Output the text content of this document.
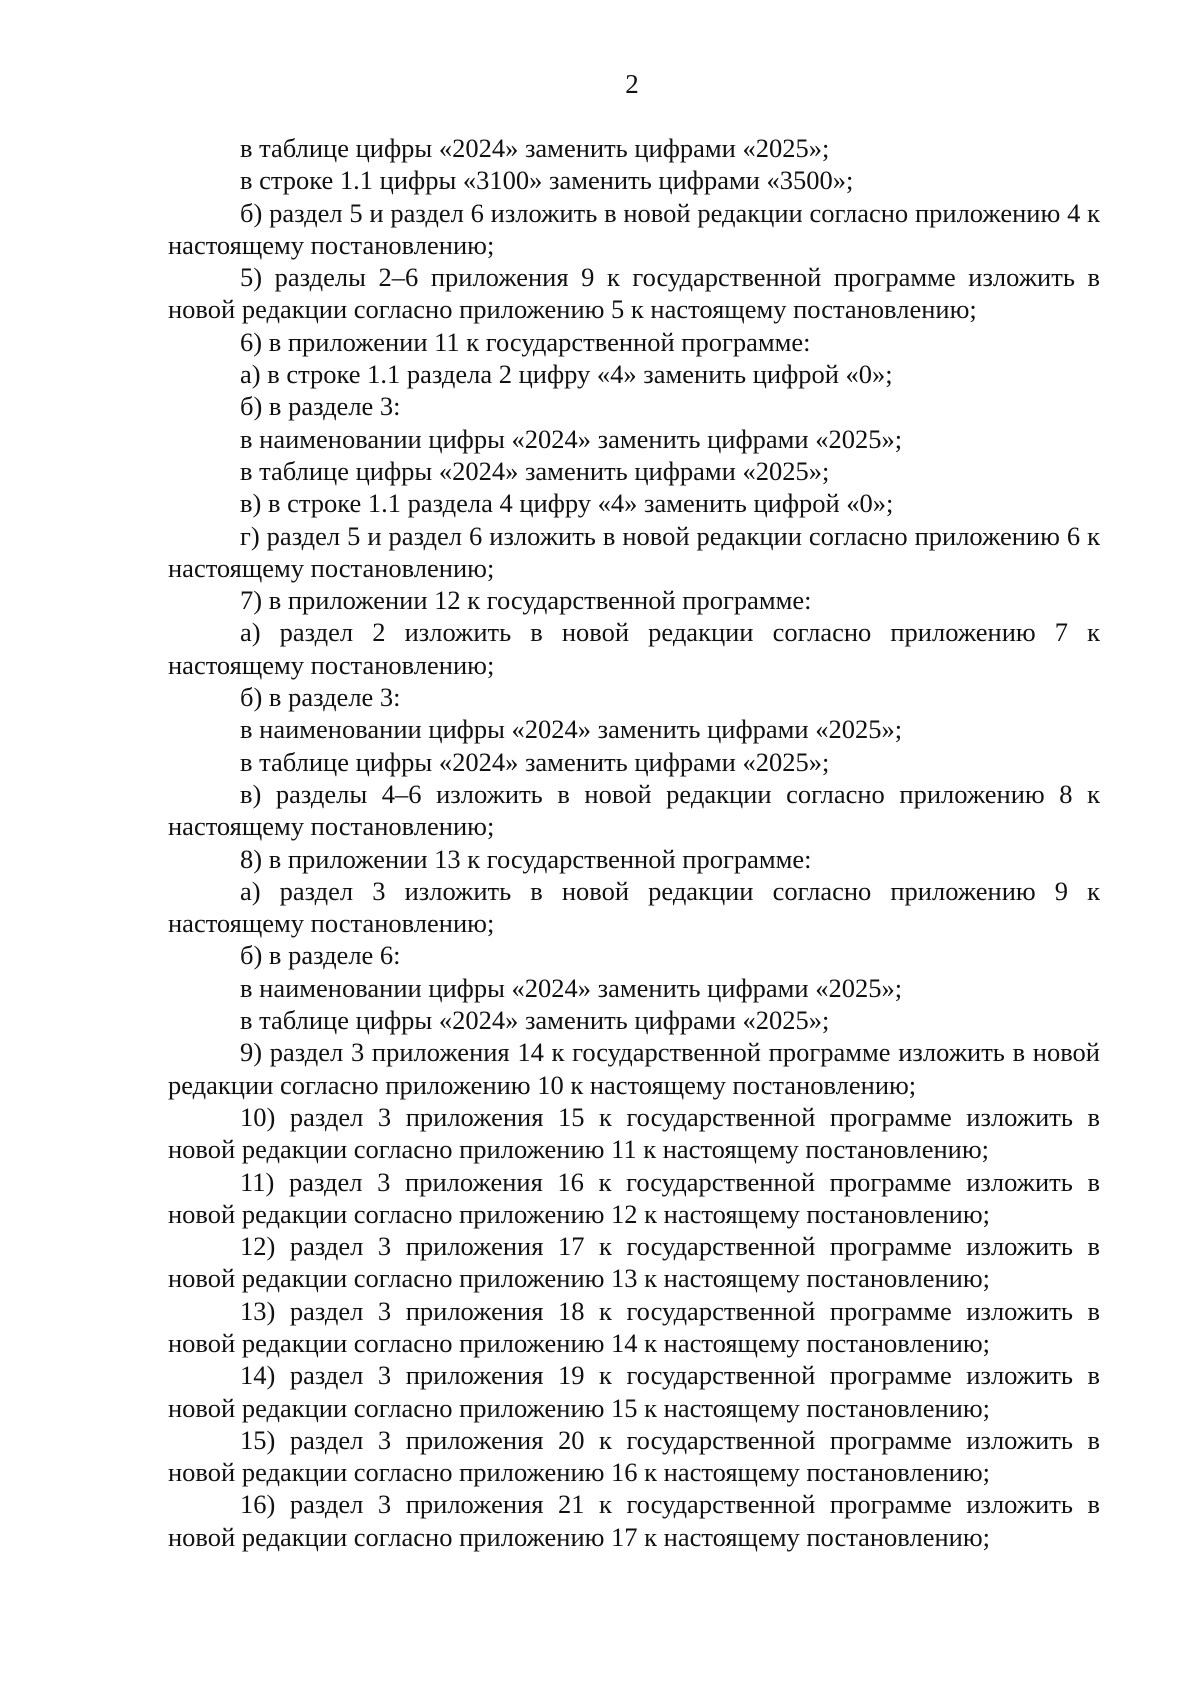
2

в таблице цифры «2024» заменить цифрами «2025»;

в строке 1.1 цифры «3100» заменить цифрами «3500»;

б) раздел 5 и раздел 6 изложить в новой редакции согласно приложению 4 к настоящему постановлению;

5) разделы 2–6 приложения 9 к государственной программе изложить в новой редакции согласно приложению 5 к настоящему постановлению;

6) в приложении 11 к государственной программе:

а) в строке 1.1 раздела 2 цифру «4» заменить цифрой «0»;

б) в разделе 3:

в наименовании цифры «2024» заменить цифрами «2025»;

в таблице цифры «2024» заменить цифрами «2025»;

в) в строке 1.1 раздела 4 цифру «4» заменить цифрой «0»;

г) раздел 5 и раздел 6 изложить в новой редакции согласно приложению 6 к настоящему постановлению;

7) в приложении 12 к государственной программе:

а) раздел 2 изложить в новой редакции согласно приложению 7 к настоящему постановлению;

б) в разделе 3:

в наименовании цифры «2024» заменить цифрами «2025»;

в таблице цифры «2024» заменить цифрами «2025»;

в) разделы 4–6 изложить в новой редакции согласно приложению 8 к настоящему постановлению;

8) в приложении 13 к государственной программе:

а) раздел 3 изложить в новой редакции согласно приложению 9 к настоящему постановлению;

б) в разделе 6:

в наименовании цифры «2024» заменить цифрами «2025»;

в таблице цифры «2024» заменить цифрами «2025»;

9) раздел 3 приложения 14 к государственной программе изложить в новой редакции согласно приложению 10 к настоящему постановлению;

10) раздел 3 приложения 15 к государственной программе изложить в новой редакции согласно приложению 11 к настоящему постановлению;

11) раздел 3 приложения 16 к государственной программе изложить в новой редакции согласно приложению 12 к настоящему постановлению;

12) раздел 3 приложения 17 к государственной программе изложить в новой редакции согласно приложению 13 к настоящему постановлению;

13) раздел 3 приложения 18 к государственной программе изложить в новой редакции согласно приложению 14 к настоящему постановлению;

14) раздел 3 приложения 19 к государственной программе изложить в новой редакции согласно приложению 15 к настоящему постановлению;

15) раздел 3 приложения 20 к государственной программе изложить в новой редакции согласно приложению 16 к настоящему постановлению;

16) раздел 3 приложения 21 к государственной программе изложить в новой редакции согласно приложению 17 к настоящему постановлению;
